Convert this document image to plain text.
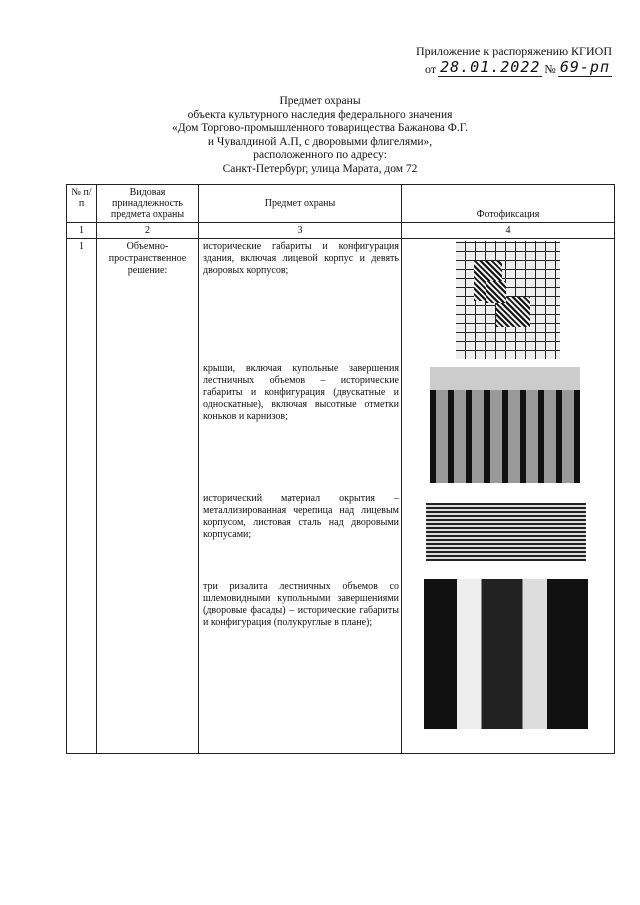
Приложение к распоряжению КГИОП
от 28.01.2022 № 69-рп
Предмет охраны
объекта культурного наследия федерального значения
«Дом Торгово-промышленного товарищества Бажанова Ф.Г.
и Чувалдиной А.П, с дворовыми флигелями»,
расположенного по адресу:
Санкт-Петербург, улица Марата, дом 72
№ п/п	Видовая принадлежность предмета охраны	Предмет охраны	Фотофиксация
1	2	3	4
1	Объемно-пространственное решение:	исторические габариты и конфигурация здания, включая лицевой корпус и девять дворовых корпусов;
крыши, включая купольные завершения лестничных объемов – исторические габариты и конфигурация (двускатные и односкатные), включая высотные отметки коньков и карнизов;
исторический материал окрытия – металлизированная черепица над лицевым корпусом, листовая сталь над дворовыми корпусами;
три ризалита лестничных объемов со шлемовидными купольными завершениями (дворовые фасады) – исторические габариты и конфигурация (полукруглые в плане);	
